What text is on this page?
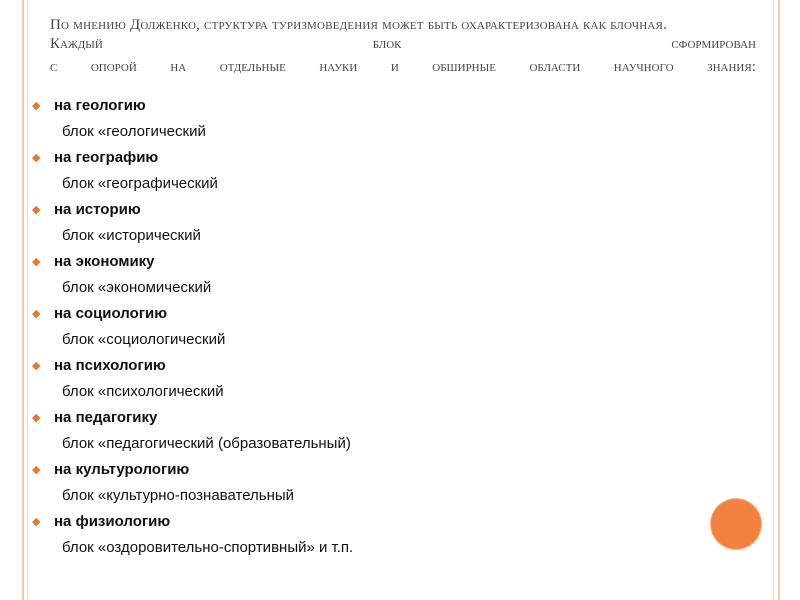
По мнению Долженко, структура туризмоведения может быть охарактеризована как блочная.
Каждый	блок	сформирован
с опорой на отдельные науки и обширные области научного знания:
◆ на геологию
блок «геологический
◆ на географию
блок «географический
◆ на историю
блок «исторический
◆ на экономику
блок «экономический
◆ на социологию
блок «социологический
◆ на психологию
блок «психологический
◆ на педагогику
блок «педагогический (образовательный)
◆ на культурологию
блок «культурно-познавательный
◆ на физиологию
блок «оздоровительно-спортивный» и т.п.
